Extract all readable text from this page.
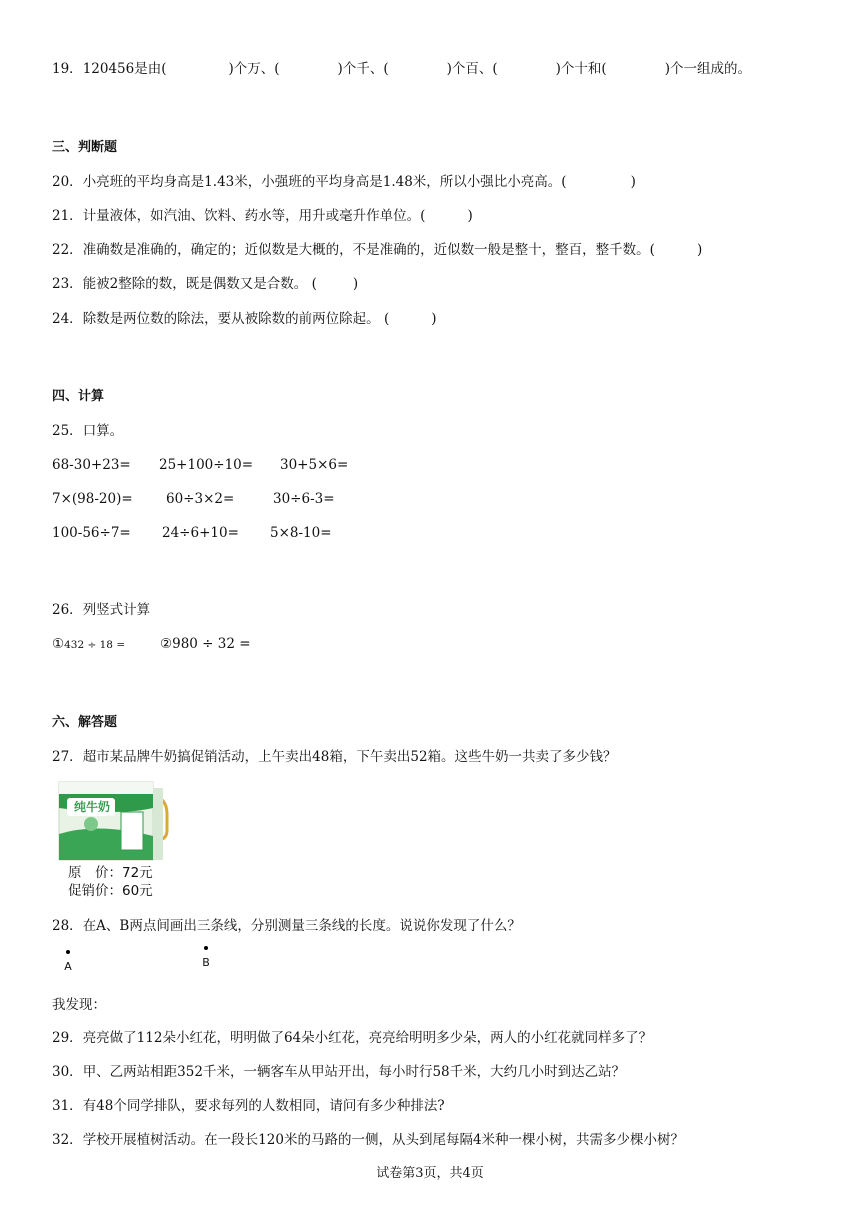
19．120456是由(	)个万、(	)个千、(	)个百、(	)个十和(	)个一组成的。
三、判断题
20．小亮班的平均身高是1.43米，小强班的平均身高是1.48米，所以小强比小亮高。(	)
21．计量液体，如汽油、饮料、药水等，用升或毫升作单位。(	)
22．准确数是准确的，确定的；近似数是大概的，不是准确的，近似数一般是整十，整百，整千数。(	)
23．能被2整除的数，既是偶数又是合数。 (	)
24．除数是两位数的除法，要从被除数的前两位除起。 (	)
四、计算
25．口算。
68-30+23= 25+100÷10= 30+5×6=
7×(98-20)= 60÷3×2=	30÷6-3=
100-56÷7= 24÷6+10= 5×8-10=
26．列竖式计算
①432 ÷ 18 =	②980 ÷ 32 =
六、解答题
27．超市某品牌牛奶搞促销活动，上午卖出48箱，下午卖出52箱。这些牛奶一共卖了多少钱？
纯牛奶
原　价：72元
促销价：60元
28．在A、B两点间画出三条线，分别测量三条线的长度。说说你发现了什么？
A	B
我发现：
29．亮亮做了112朵小红花，明明做了64朵小红花，亮亮给明明多少朵，两人的小红花就同样多了？
30．甲、乙两站相距352千米，一辆客车从甲站开出，每小时行58千米，大约几小时到达乙站？
31．有48个同学排队，要求每列的人数相同，请问有多少种排法?
32．学校开展植树活动。在一段长120米的马路的一侧，从头到尾每隔4米种一棵小树，共需多少棵小树？
试卷第3页，共4页
